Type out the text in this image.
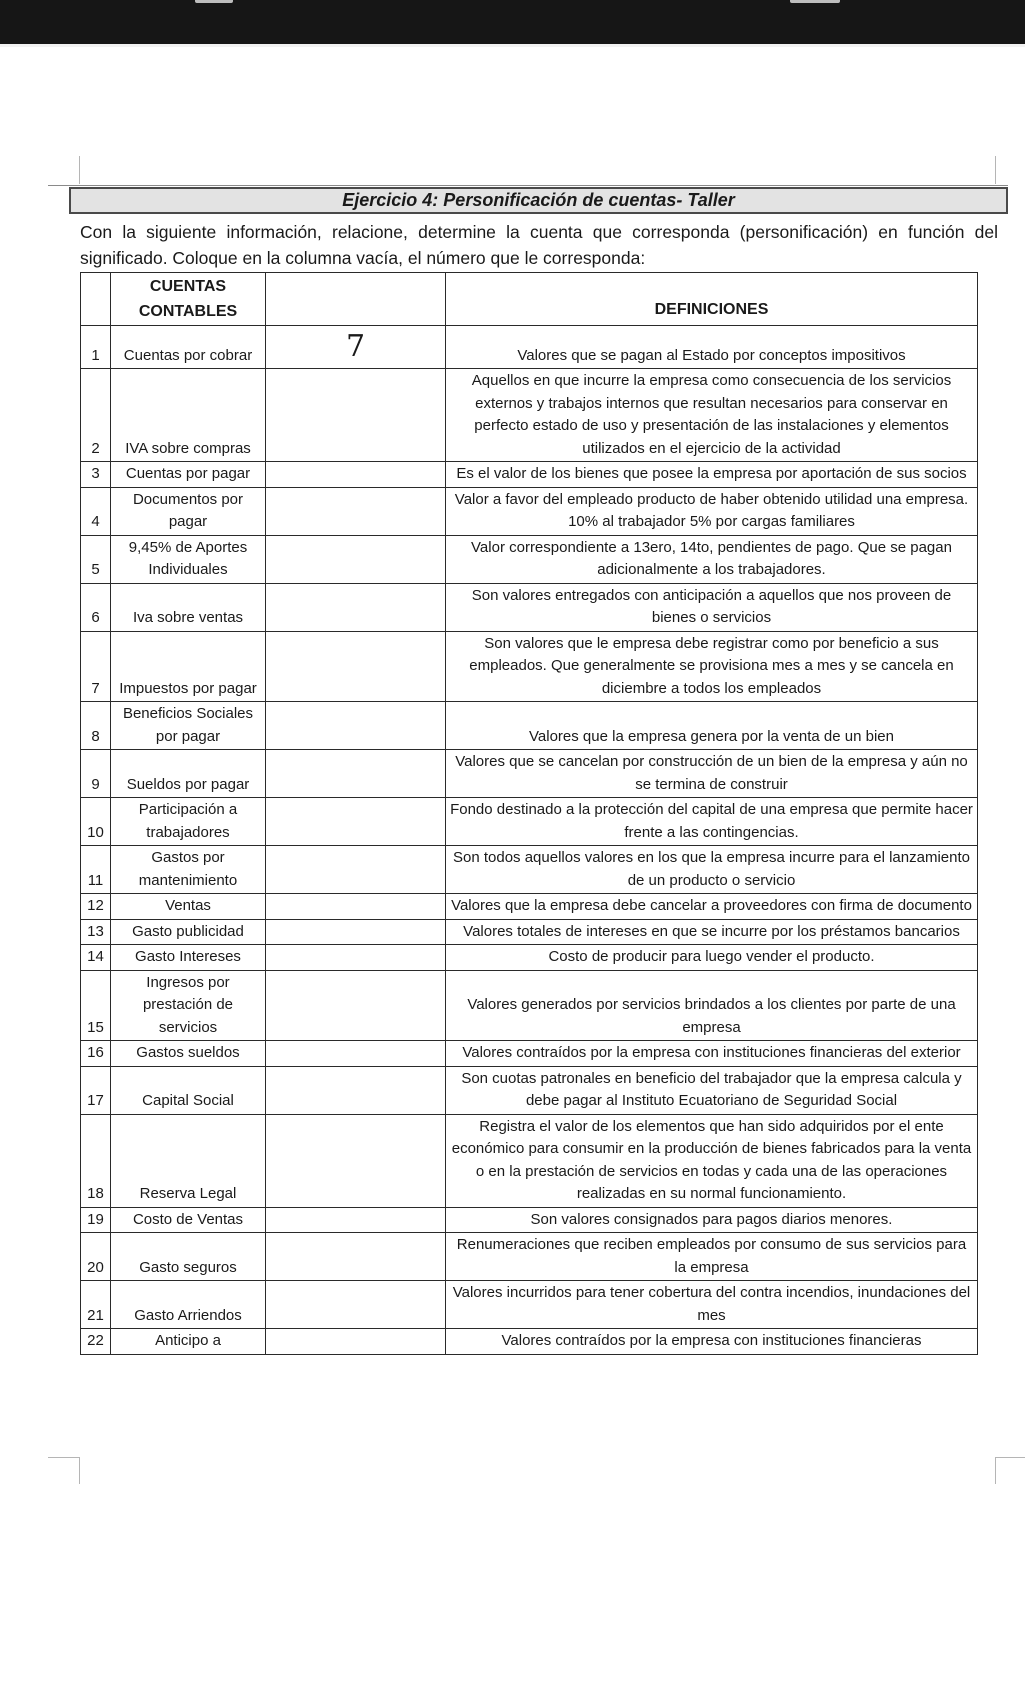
Ejercicio 4: Personificación de cuentas- Taller
Con la siguiente información, relacione, determine la cuenta que corresponda (personificación) en función del significado. Coloque en la columna vacía, el número que le corresponda:
	CUENTAS
CONTABLES		DEFINICIONES
1	Cuentas por cobrar	7	Valores que se pagan al Estado por conceptos impositivos
2	IVA sobre compras		Aquellos en que incurre la empresa como consecuencia de los servicios externos y trabajos internos que resultan necesarios para conservar en perfecto estado de uso y presentación de las instalaciones y elementos utilizados en el ejercicio de la actividad
3	Cuentas por pagar		Es el valor de los bienes que posee la empresa por aportación de sus socios
4	Documentos por pagar		Valor a favor del empleado producto de haber obtenido utilidad una empresa. 10% al trabajador 5% por cargas familiares
5	9,45% de Aportes Individuales		Valor correspondiente a 13ero, 14to, pendientes de pago. Que se pagan adicionalmente a los trabajadores.
6	Iva sobre ventas		Son valores entregados con anticipación a aquellos que nos proveen de bienes o servicios
7	Impuestos por pagar		Son valores que le empresa debe registrar como por beneficio a sus empleados. Que generalmente se provisiona mes a mes y se cancela en diciembre a todos los empleados
8	Beneficios Sociales por pagar		Valores que la empresa genera por la venta de un bien
9	Sueldos por pagar		Valores que se cancelan por construcción de un bien de la empresa y aún no se termina de construir
10	Participación a trabajadores		Fondo destinado a la protección del capital de una empresa que permite hacer frente a las contingencias.
11	Gastos por mantenimiento		Son todos aquellos valores en los que la empresa incurre para el lanzamiento de un producto o servicio
12	Ventas		Valores que la empresa debe cancelar a proveedores con firma de documento
13	Gasto publicidad		Valores totales de intereses en que se incurre por los préstamos bancarios
14	Gasto Intereses		Costo de producir para luego vender el producto.
15	Ingresos por prestación de servicios		Valores generados por servicios brindados a los clientes por parte de una empresa
16	Gastos sueldos		Valores contraídos por la empresa con instituciones financieras del exterior
17	Capital Social		Son cuotas patronales en beneficio del trabajador que la empresa calcula y debe pagar al Instituto Ecuatoriano de Seguridad Social
18	Reserva Legal		Registra el valor de los elementos que han sido adquiridos por el ente económico para consumir en la producción de bienes fabricados para la venta o en la prestación de servicios en todas y cada una de las operaciones realizadas en su normal funcionamiento.
19	Costo de Ventas		Son valores consignados para pagos diarios menores.
20	Gasto seguros		Renumeraciones que reciben empleados por consumo de sus servicios para la empresa
21	Gasto Arriendos		Valores incurridos para tener cobertura del contra incendios, inundaciones del mes
22	Anticipo a		Valores contraídos por la empresa con instituciones financieras
